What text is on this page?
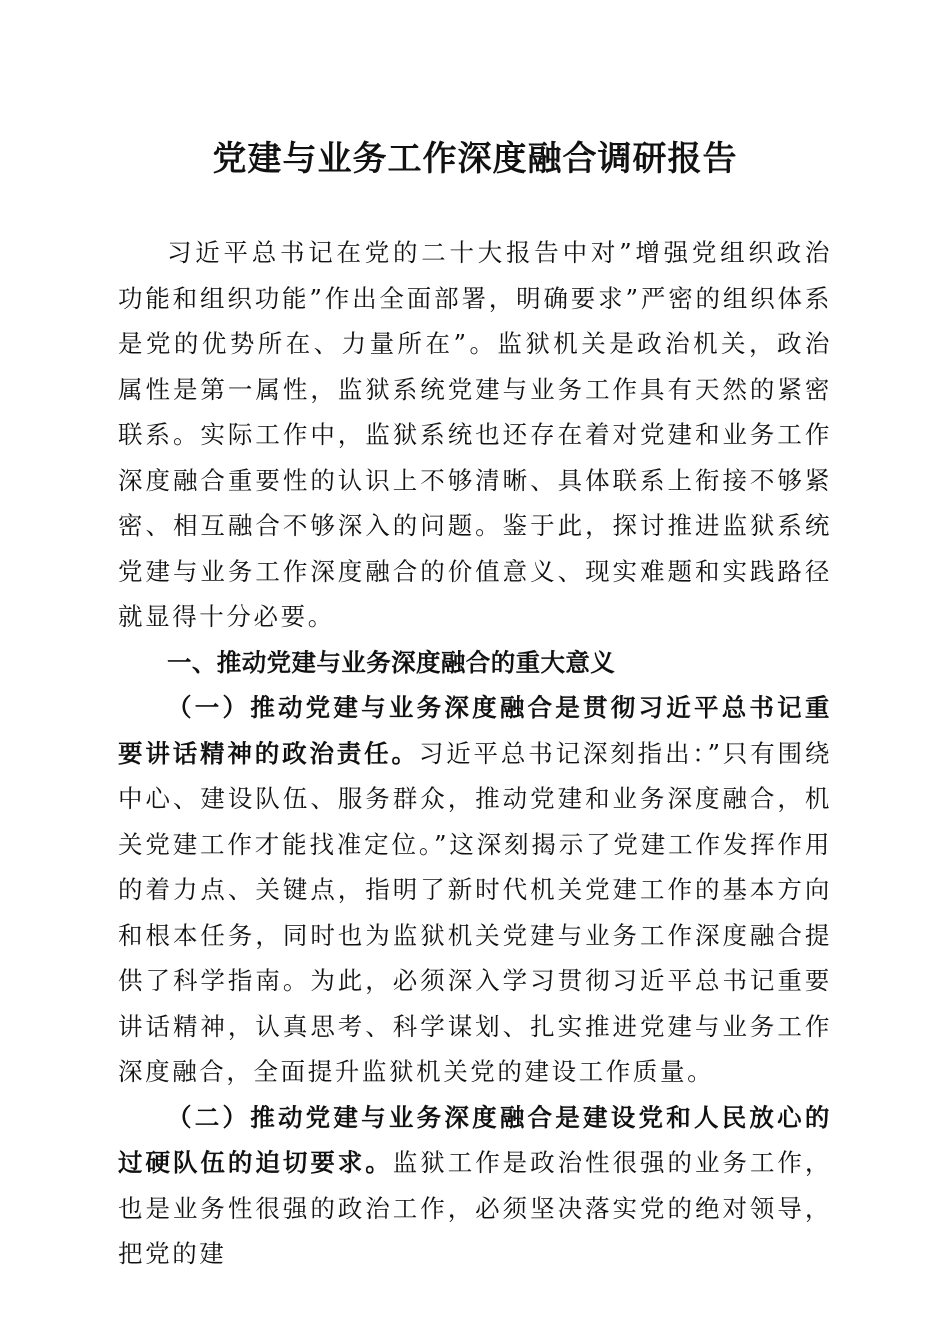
党建与业务工作深度融合调研报告

习近平总书记在党的二十大报告中对”增强党组织政治功能和组织功能”作出全面部署，明确要求”严密的组织体系是党的优势所在、力量所在”。监狱机关是政治机关，政治属性是第一属性，监狱系统党建与业务工作具有天然的紧密联系。实际工作中，监狱系统也还存在着对党建和业务工作深度融合重要性的认识上不够清晰、具体联系上衔接不够紧密、相互融合不够深入的问题。鉴于此，探讨推进监狱系统党建与业务工作深度融合的价值意义、现实难题和实践路径就显得十分必要。

一、推动党建与业务深度融合的重大意义

（一）推动党建与业务深度融合是贯彻习近平总书记重要讲话精神的政治责任。习近平总书记深刻指出：”只有围绕中心、建设队伍、服务群众，推动党建和业务深度融合，机关党建工作才能找准定位。”这深刻揭示了党建工作发挥作用的着力点、关键点，指明了新时代机关党建工作的基本方向和根本任务，同时也为监狱机关党建与业务工作深度融合提供了科学指南。为此，必须深入学习贯彻习近平总书记重要讲话精神，认真思考、科学谋划、扎实推进党建与业务工作深度融合，全面提升监狱机关党的建设工作质量。

（二）推动党建与业务深度融合是建设党和人民放心的过硬队伍的迫切要求。监狱工作是政治性很强的业务工作，也是业务性很强的政治工作，必须坚决落实党的绝对领导，把党的建
